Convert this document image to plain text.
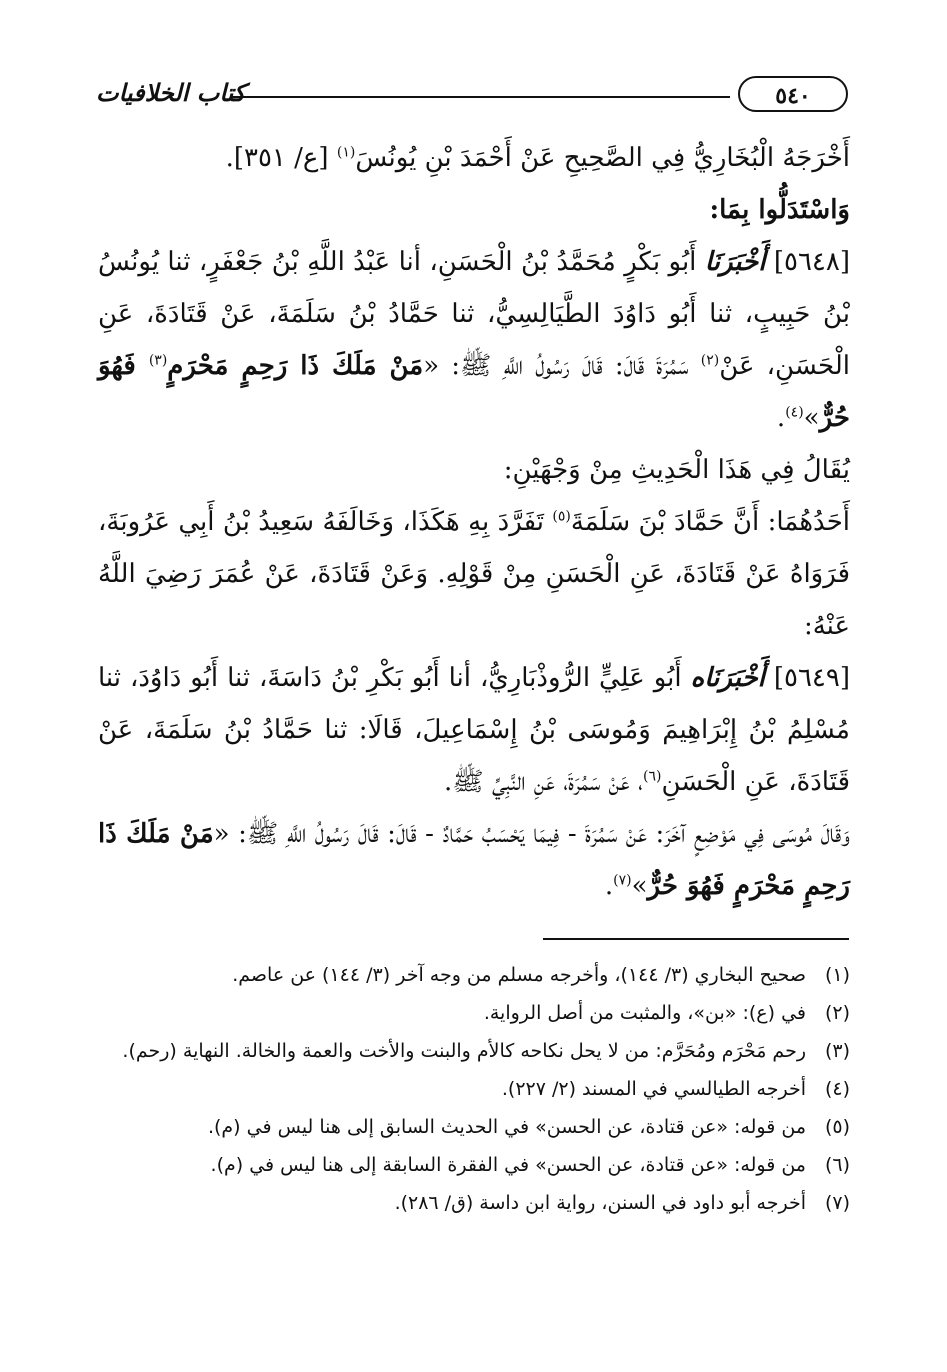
٥٤٠
كتاب الخلافيات

أَخْرَجَهُ الْبُخَارِيُّ فِي الصَّحِيحِ عَنْ أَحْمَدَ بْنِ يُونُسَ$^{(١)}$ [ع/ ٣٥١].

وَاسْتَدَلُّوا بِمَا:

[٥٦٤٨] أَخْبَرَنَا أَبُو بَكْرٍ مُحَمَّدُ بْنُ الْحَسَنِ، أنا عَبْدُ اللَّهِ بْنُ جَعْفَرٍ، ثنا يُونُسُ بْنُ حَبِيبٍ، ثنا أَبُو دَاوُدَ الطَّيَالِسِيُّ، ثنا حَمَّادُ بْنُ سَلَمَةَ، عَنْ قَتَادَةَ، عَنِ الْحَسَنِ، عَنْ$^{(٢)}$ سَمُرَةَ قَالَ: قَالَ رَسُولُ اللَّهِ ﷺ: «مَنْ مَلَكَ ذَا رَحِمٍ مَحْرَمٍ$^{(٣)}$ فَهُوَ حُرٌّ»$^{(٤)}$.

يُقَالُ فِي هَذَا الْحَدِيثِ مِنْ وَجْهَيْنِ:

أَحَدُهُمَا: أَنَّ حَمَّادَ بْنَ سَلَمَةَ$^{(٥)}$ تَفَرَّدَ بِهِ هَكَذَا، وَخَالَفَهُ سَعِيدُ بْنُ أَبِي عَرُوبَةَ، فَرَوَاهُ عَنْ قَتَادَةَ، عَنِ الْحَسَنِ مِنْ قَوْلِهِ. وَعَنْ قَتَادَةَ، عَنْ عُمَرَ رَضِيَ اللَّهُ عَنْهُ:

[٥٦٤٩] أَخْبَرَنَاه أَبُو عَلِيٍّ الرُّوذْبَارِيُّ، أنا أَبُو بَكْرِ بْنُ دَاسَةَ، ثنا أَبُو دَاوُدَ، ثنا مُسْلِمُ بْنُ إِبْرَاهِيمَ وَمُوسَى بْنُ إِسْمَاعِيلَ، قَالَا: ثنا حَمَّادُ بْنُ سَلَمَةَ، عَنْ قَتَادَةَ، عَنِ الْحَسَنِ$^{(٦)}$، عَنْ سَمُرَةَ، عَنِ النَّبِيِّ ﷺ.

وَقَالَ مُوسَى فِي مَوْضِعٍ آخَرَ: عَنْ سَمُرَةَ - فِيمَا يَحْسَبُ حَمَّادٌ - قَالَ: قَالَ رَسُولُ اللَّهِ ﷺ: «مَنْ مَلَكَ ذَا رَحِمٍ مَحْرَمٍ فَهُوَ حُرٌّ»$^{(٧)}$.

(١)
صحيح البخاري (٣/ ١٤٤)، وأخرجه مسلم من وجه آخر (٣/ ١٤٤) عن عاصم.
(٢)
في (ع): «بن»، والمثبت من أصل الرواية.
(٣)
رحم مَحْرَم ومُحَرَّم: من لا يحل نكاحه كالأم والبنت والأخت والعمة والخالة. النهاية (رحم).
(٤)
أخرجه الطيالسي في المسند (٢/ ٢٢٧).
(٥)
من قوله: «عن قتادة، عن الحسن» في الحديث السابق إلى هنا ليس في (م).
(٦)
من قوله: «عن قتادة، عن الحسن» في الفقرة السابقة إلى هنا ليس في (م).
(٧)
أخرجه أبو داود في السنن، رواية ابن داسة (ق/ ٢٨٦).
